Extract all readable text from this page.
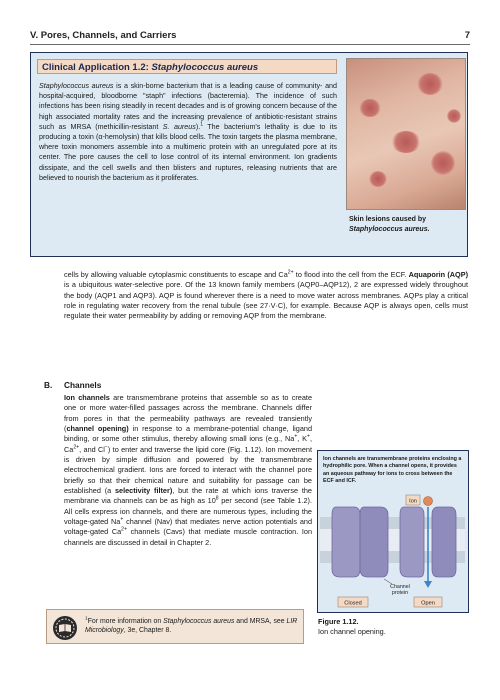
V. Pores, Channels, and Carriers	7
Clinical Application 1.2: Staphylococcus aureus
Staphylococcus aureus is a skin-borne bacterium that is a leading cause of community- and hospital-acquired, bloodborne "staph" infections (bacteremia). The incidence of such infections has been rising steadily in recent decades and is of growing concern because of the high associated mortality rates and the increasing prevalence of antibiotic-resistant strains such as MRSA (methicillin-resistant S. aureus).$^1$ The bacterium's lethality is due to its producing a toxin (α-hemolysin) that kills blood cells. The toxin targets the plasma membrane, where toxin monomers assemble into a multimeric protein with an unregulated pore at its center. The pore causes the cell to lose control of its internal environment. Ion gradients dissipate, and the cell swells and then blisters and ruptures, releasing nutrients that are believed to nourish the bacterium as it proliferates.
Skin lesions caused by Staphylococcus aureus.
cells by allowing valuable cytoplasmic constituents to escape and $Ca^{2+}$ to flood into the cell from the ECF. Aquaporin (AQP) is a ubiquitous water-selective pore. Of the 13 known family members (AQP0–AQP12), 2 are expressed widely throughout the body (AQP1 and AQP3). AQP is found wherever there is a need to move water across membranes. AQPs play a critical role in regulating water recovery from the renal tubule (see 27·V·C), for example. Because AQP is always open, cells must regulate their water permeability by adding or removing AQP from the membrane.
B. Channels
Ion channels are transmembrane proteins that assemble so as to create one or more water-filled passages across the membrane. Channels differ from pores in that the permeability pathways are revealed transiently (channel opening) in response to a membrane-potential change, ligand binding, or some other stimulus, thereby allowing small ions (e.g., Na+, K+, $Ca^{2+}$, and Cl−) to enter and traverse the lipid core (Fig. 1.12). Ion movement is driven by simple diffusion and powered by the transmembrane electrochemical gradient. Ions are forced to interact with the channel pore briefly so that their chemical nature and suitability for passage can be established (a selectivity filter), but the rate at which ions traverse the membrane via channels can be as high as $10^8$ per second (see Table 1.2). All cells express ion channels, and there are numerous types, including the voltage-gated Na+ channel (Nav) that mediates nerve action potentials and voltage-gated $Ca^{2+}$ channels (Cavs) that mediate muscle contraction. Ion channels are discussed in detail in Chapter 2.
Ion
Channel
protein
Closed	Open
Ion channels are transmembrane proteins enclosing a hydrophilic pore. When a channel opens, it provides an aqueous pathway for ions to cross between the ECF and ICF.
Figure 1.12.
Ion channel opening.
$^1$For more information on Staphylococcus aureus and MRSA, see LIR Microbiology, 3e, Chapter 8.
